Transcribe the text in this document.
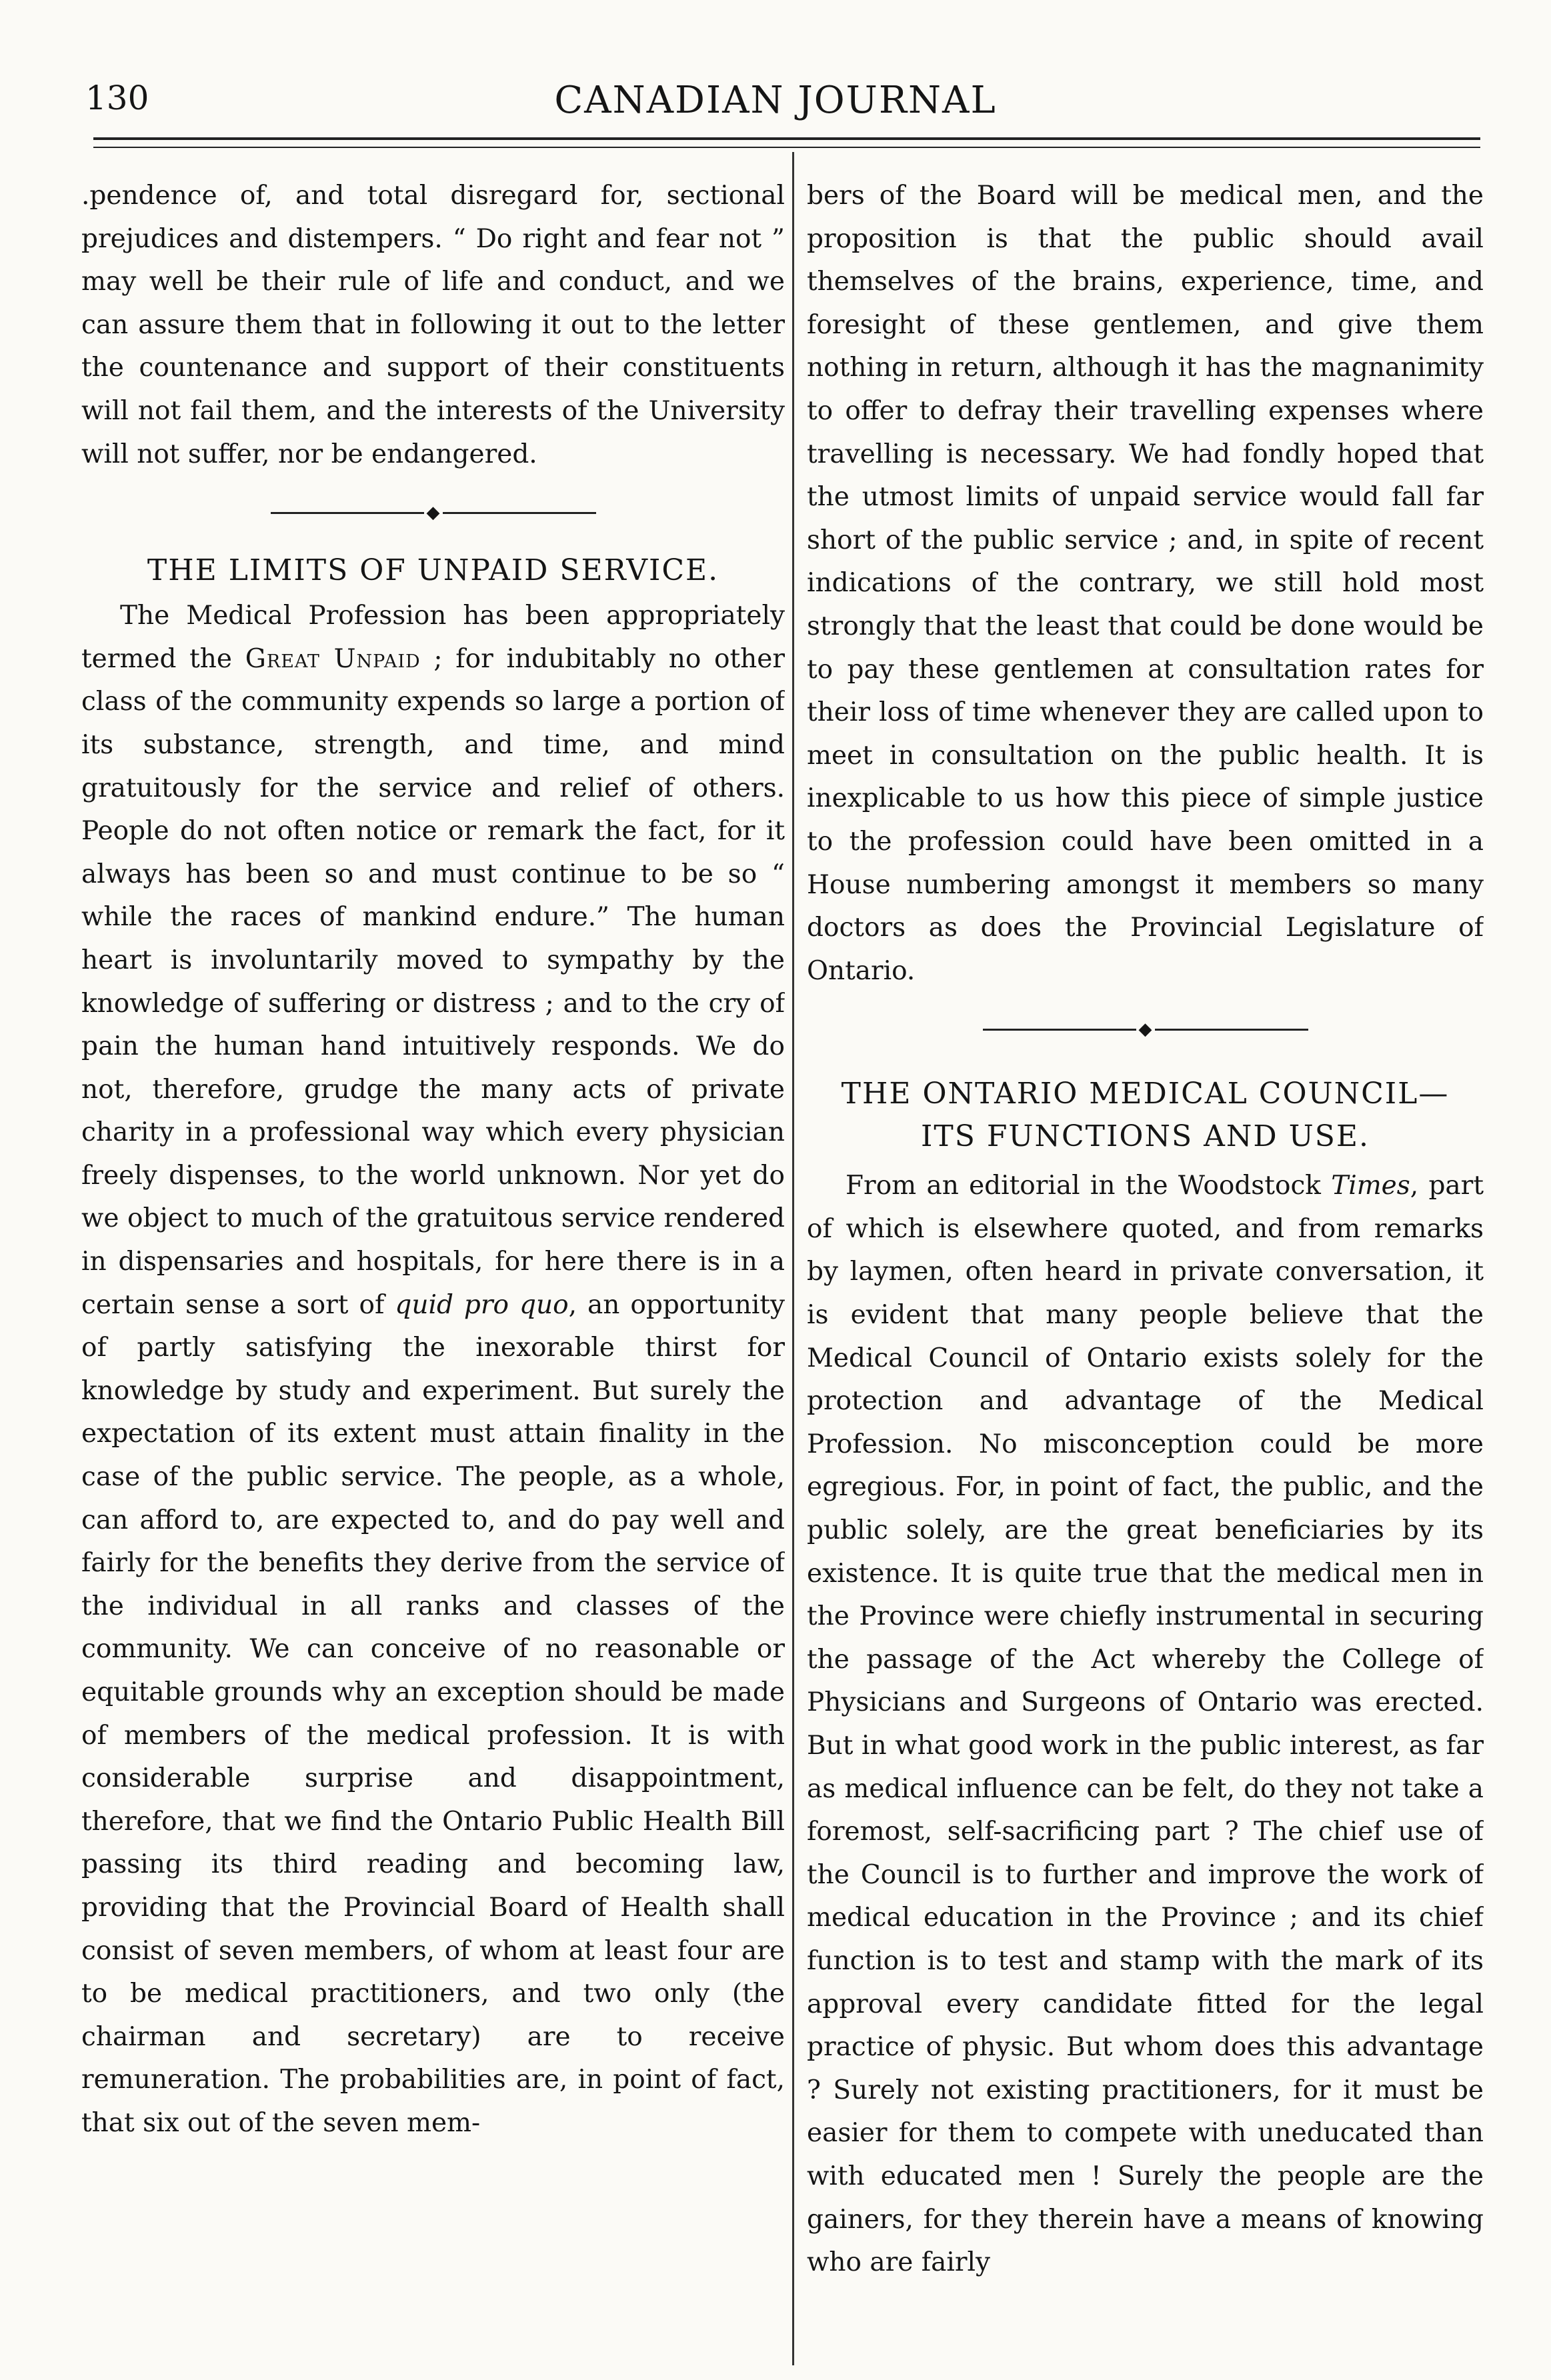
130	CANADIAN JOURNAL

.pendence of, and total disregard for, sectional prejudices and distempers. “ Do right and fear not ” may well be their rule of life and conduct, and we can assure them that in following it out to the letter the countenance and support of their constituents will not fail them, and the interests of the University will not suffer, nor be endangered.

◆
THE LIMITS OF UNPAID SERVICE.

The Medical Profession has been appropriately termed the Great Unpaid ; for indubitably no other class of the community expends so large a portion of its substance, strength, and time, and mind gratuitously for the service and relief of others. People do not often notice or remark the fact, for it always has been so and must continue to be so “ while the races of mankind endure.” The human heart is involuntarily moved to sympathy by the knowledge of suffering or distress ; and to the cry of pain the human hand intuitively responds. We do not, therefore, grudge the many acts of private charity in a professional way which every physician freely dispenses, to the world unknown. Nor yet do we object to much of the gratuitous service rendered in dispensaries and hospitals, for here there is in a certain sense a sort of quid pro quo, an opportunity of partly satisfying the inexorable thirst for knowledge by study and experiment. But surely the expectation of its extent must attain finality in the case of the public service. The people, as a whole, can afford to, are expected to, and do pay well and fairly for the benefits they derive from the service of the individual in all ranks and classes of the community. We can conceive of no reasonable or equitable grounds why an exception should be made of members of the medical profession. It is with considerable surprise and disappointment, therefore, that we find the Ontario Public Health Bill passing its third reading and becoming law, providing that the Provincial Board of Health shall consist of seven members, of whom at least four are to be medical practitioners, and two only (the chairman and secretary) are to receive remuneration. The probabilities are, in point of fact, that six out of the seven mem-

bers of the Board will be medical men, and the proposition is that the public should avail themselves of the brains, experience, time, and foresight of these gentlemen, and give them nothing in return, although it has the magnanimity to offer to defray their travelling expenses where travelling is necessary. We had fondly hoped that the utmost limits of unpaid service would fall far short of the public service ; and, in spite of recent indications of the contrary, we still hold most strongly that the least that could be done would be to pay these gentlemen at consultation rates for their loss of time whenever they are called upon to meet in consultation on the public health. It is inexplicable to us how this piece of simple justice to the profession could have been omitted in a House numbering amongst it members so many doctors as does the Provincial Legislature of Ontario.

◆
THE ONTARIO MEDICAL COUNCIL—
ITS FUNCTIONS AND USE.

From an editorial in the Woodstock Times, part of which is elsewhere quoted, and from remarks by laymen, often heard in private conversation, it is evident that many people believe that the Medical Council of Ontario exists solely for the protection and advantage of the Medical Profession. No misconception could be more egregious. For, in point of fact, the public, and the public solely, are the great beneficiaries by its existence. It is quite true that the medical men in the Province were chiefly instrumental in securing the passage of the Act whereby the College of Physicians and Surgeons of Ontario was erected. But in what good work in the public interest, as far as medical influence can be felt, do they not take a foremost, self-sacrificing part ? The chief use of the Council is to further and improve the work of medical education in the Province ; and its chief function is to test and stamp with the mark of its approval every candidate fitted for the legal practice of physic. But whom does this advantage ? Surely not existing practitioners, for it must be easier for them to compete with uneducated than with educated men ! Surely the people are the gainers, for they therein have a means of knowing who are fairly
